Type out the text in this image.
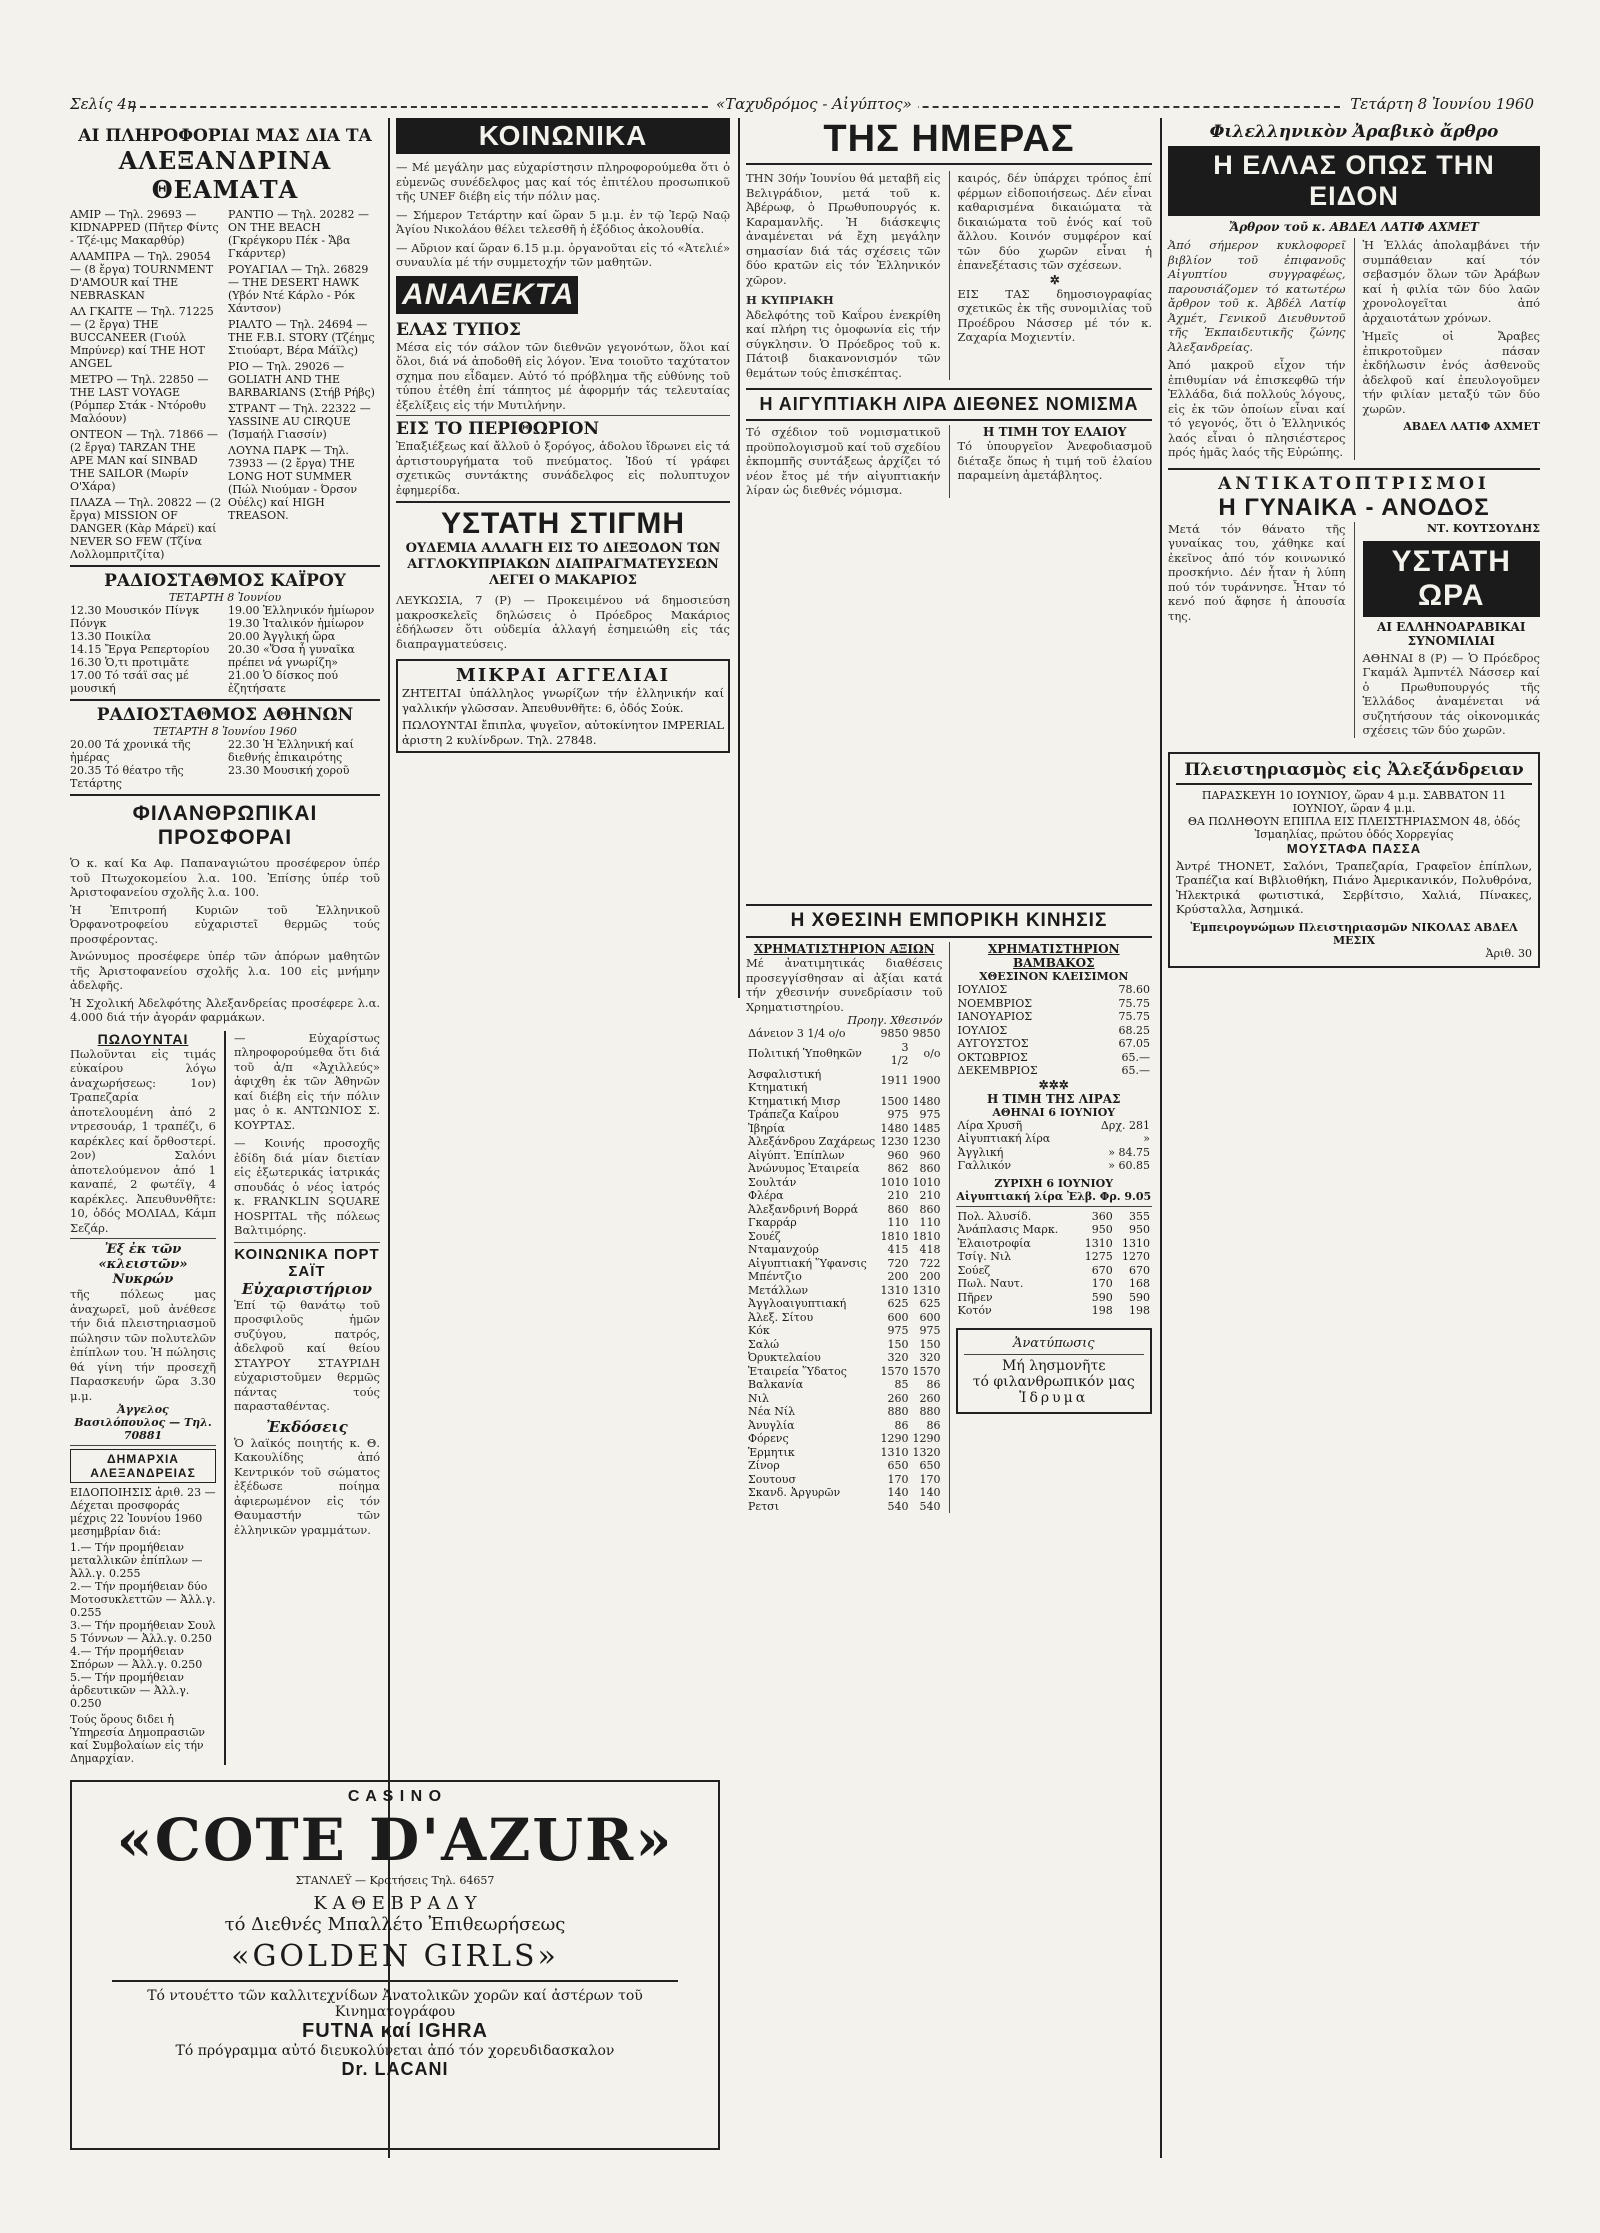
Σελίς 4η	«Ταχυδρόμος - Αἰγύπτος»	Τετάρτη 8 Ἰουνίου 1960
ΑΙ ΠΛΗΡΟΦΟΡΙΑΙ ΜΑΣ ΔΙΑ ΤΑ
ΑΛΕΞΑΝΔΡΙΝΑ ΘΕΑΜΑΤΑ
ΑΜΙΡ — Τηλ. 29693 — KIDNAPPED (Πῆτερ Φίντς - Τζέ-ιμς Μακαρθύρ)
ΑΛΑΜΠΡΑ — Τηλ. 29054 — (8 ἔργα) TOURNMENT D'AMOUR καί THE NEBRASKAN
ΑΛ ΓΚΑΙΤΕ — Τηλ. 71225 — (2 ἔργα) THE BUCCANEER (Γιούλ Μπρύνερ) καί THE HOT ANGEL
ΜΕΤΡΟ — Τηλ. 22850 — THE LAST VOYAGE (Ρόμπερ Στάκ - Ντόροθυ Μαλόουν)
ΟΝΤΕΟΝ — Τηλ. 71866 — (2 ἔργα) TARZAN THE APE MAN καί SINBAD THE SAILOR (Μωρίν Ο'Χάρα)
ΠΛΑΖΑ — Τηλ. 20822 — (2 ἔργα) MISSION OF DANGER (Κὰρ Μάρεϊ) καί NEVER SO FEW (Τζίνα Λολλομπριτζίτα)
ΡΑΝΤΙΟ — Τηλ. 20282 — ON THE BEACH (Γκρέγκορυ Πέκ - Ἄβα Γκάρντερ)
ΡΟΥΑΓΙΑΛ — Τηλ. 26829 — THE DESERT HAWK (Υβόν Ντέ Κάρλο - Ρόκ Χάντσον)
ΡΙΑΛΤΟ — Τηλ. 24694 — THE F.B.I. STORY (Τζέημς Στιούαρτ, Βέρα Μάϊλς)
ΡΙΟ — Τηλ. 29026 — GOLIATH AND THE BARBARIANS (Στήβ Ρήβς)
ΣΤΡΑΝΤ — Τηλ. 22322 — YASSINE AU CIRQUE (Ἰσμαήλ Γιασσίν)
ΛΟΥΝΑ ΠΑΡΚ — Τηλ. 73933 — (2 ἔργα) THE LONG HOT SUMMER (Πώλ Νιούμαν - Όρσον Οὐέλς) καί HIGH TREASON.
ΡΑΔΙΟΣΤΑΘΜΟΣ ΚΑΪΡΟΥ
ΤΕΤΑΡΤΗ 8 Ἰουνίου
12.30 Μουσικόν Πίνγκ Πόνγκ
13.30 Ποικίλα
14.15 Ἔργα Ρεπερτορίου
16.30 Ὁ,τι προτιμᾶτε
17.00 Τό τσάϊ σας μέ μουσική
19.00 Ἑλληνικόν ἡμίωρον
19.30 Ἰταλικόν ἡμίωρον
20.00 Ἀγγλική ὥρα
20.30 «Ὅσα ἦ γυναῖκα πρέπει νά γνωρίζη»
21.00 Ὁ δίσκος πού ἐζητήσατε
ΡΑΔΙΟΣΤΑΘΜΟΣ ΑΘΗΝΩΝ
ΤΕΤΑΡΤΗ 8 Ἰουνίου 1960
20.00 Τά χρονικά τῆς ἡμέρας
20.35 Τό θέατρο τῆς Τετάρτης
22.30 Ἡ Ἑλληνική καί διεθνής ἐπικαιρότης
23.30 Μουσική χοροῦ
ΦΙΛΑΝΘΡΩΠΙΚΑΙ ΠΡΟΣΦΟΡΑΙ
Ὁ κ. καί Κα Αφ. Παπαναγιώτου προσέφερον ὑπέρ τοῦ Πτωχοκομείου λ.α. 100. Ἐπίσης ὑπέρ τοῦ Ἀριστοφανείου σχολῆς λ.α. 100.
Ἡ Ἐπιτροπή Κυριῶν τοῦ Ἑλληνικοῦ Ὀρφανοτροφείου εὐχαριστεῖ θερμῶς τούς προσφέροντας.
Ἀνώνυμος προσέφερε ὑπέρ τῶν ἀπόρων μαθητῶν τῆς Ἀριστοφανείου σχολῆς λ.α. 100 εἰς μνήμην ἀδελφῆς.
Ἡ Σχολική Ἀδελφότης Ἀλεξανδρείας προσέφερε λ.α. 4.000 διά τήν ἀγοράν φαρμάκων.
ΠΩΛΟΥΝΤΑΙ
Πωλοῦνται εἰς τιμάς εὐκαίρου λόγω ἀναχωρήσεως: 1ον) Τραπεζαρία ἀποτελουμένη ἀπό 2 ντρεσουάρ, 1 τραπέζι, 6 καρέκλες καί ὄρθοστερί. 2ον) Σαλόνι ἀποτελούμενον ἀπό 1 καναπέ, 2 φωτέϊγ, 4 καρέκλες. Ἀπευθυνθῆτε: 10, ὁδός ΜΟΛΙΑΔ, Κάμπ Σεζάρ.
Ἐξ ἐκ τῶν «κλειστῶν» Νυκρών
τῆς πόλεως μας ἀναχωρεῖ, μοῦ ἀνέθεσε τήν διά πλειστηριασμοῦ πώλησιν τῶν πολυτελῶν ἐπίπλων του. Ἡ πώλησις θά γίνη τήν προσεχῆ Παρασκευήν ὥρα 3.30 μ.μ.
Ἀγγελος Βασιλόπουλος — Τηλ. 70881
ΔΗΜΑΡΧΙΑ ΑΛΕΞΑΝΔΡΕΙΑΣ
ΕΙΔΟΠΟΙΗΣΙΣ ἀριθ. 23 — Δέχεται προσφοράς μέχρις 22 Ἰουνίου 1960 μεσημβρίαν διά:
1.— Τήν προμήθειαν μεταλλικῶν ἐπίπλων — Ἀλλ.γ. 0.255
2.— Τήν προμήθειαν δύο Μοτοσυκλεττῶν — Ἀλλ.γ. 0.255
3.— Τήν προμήθειαν Σουλ 5 Τόννων — Ἀλλ.γ. 0.250
4.— Τήν προμήθειαν Σπόρων — Ἀλλ.γ. 0.250
5.— Τήν προμήθειαν ἀρδευτικῶν — Ἀλλ.γ. 0.250
Τούς ὅρους διδει ἡ Ὑπηρεσία Δημοπρασιῶν καί Συμβολαίων εἰς τήν Δημαρχίαν.
— Εὐχαρίστως πληροφορούμεθα ὅτι διά τοῦ ἀ/π «Ἀχιλλεύς» ἀφιχθη ἐκ τῶν Ἀθηνῶν καί διέβη εἰς τήν πόλιν μας ὁ κ. ΑΝΤΩΝΙΟΣ Σ. ΚΟΥΡΤΑΣ.
— Κοινής προσοχῆς ἐδίδη διά μίαν διετίαν εἰς ἐξωτερικάς ἰατρικάς σπουδάς ὁ νέος ἰατρός κ. FRANKLIN SQUARE HOSPITAL τῆς πόλεως Βαλτιμόρης.
ΚΟΙΝΩΝΙΚΑ ΠΟΡΤ ΣΑΪΤ
Εὐχαριστήριον
Ἐπί τῷ θανάτῳ τοῦ προσφιλοῦς ἡμῶν συζύγου, πατρός, ἀδελφοῦ καί θείου ΣΤΑΥΡΟΥ ΣΤΑΥΡΙΔΗ εὐχαριστοῦμεν θερμῶς πάντας τούς παρασταθέντας.
Ἐκδόσεις
Ὁ λαϊκός ποιητής κ. Θ. Κακουλίδης ἀπό Κεντρικόν τοῦ σώματος ἐξέδωσε ποίημα ἀφιερωμένον εἰς τόν Θαυμαστήν τῶν ἐλληνικῶν γραμμάτων.
C A S I N O
«COTE D'AZUR»
ΣΤΑΝΛΕΫ — Κρατήσεις Τηλ. 64657
Κ Α Θ Ε Β Ρ Α Δ Υ
τό Διεθνές Μπαλλέτο Ἐπιθεωρήσεως
«GOLDEN GIRLS»
Τό ντουέττο τῶν καλλιτεχνίδων Ἀνατολικῶν χορῶν καί ἀστέρων τοῦ Κινηματογράφου
FUTNA καί IGHRA
Τό πρόγραμμα αὐτό διευκολύνεται ἀπό τόν χορευδιδασκαλον
Dr. LACANI
ΚΟΙΝΩΝΙΚΑ
— Μέ μεγάλην μας εὐχαρίστησιν πληροφορούμεθα ὅτι ὁ εὐμενῶς συνέδελφος μας καί τός ἐπιτέλου προσωπικοῦ τῆς UNEF διέβη εἰς τήν πόλιν μας.
— Σήμερον Τετάρτην καί ὥραν 5 μ.μ. ἐν τῷ Ἱερῷ Ναῷ Ἁγίου Νικολάου θέλει τελεσθῆ ἡ ἐξόδιος ἀκολουθία.
— Αὔριον καί ὥραν 6.15 μ.μ. ὀργανοῦται εἰς τό «Ἀτελιέ» συναυλία μέ τήν συμμετοχήν τῶν μαθητῶν.
ΑΝΑΛΕΚΤΑ
ΕΛΑΣ ΤΥΠΟΣ
Μέσα εἰς τόν σάλον τῶν διεθνῶν γεγονότων, ὅλοι καί ὅλοι, διά νά ἀποδοθῆ εἰς λόγον. Ἐνα τοιοῦτο ταχύτατον σχημα που εἶδαμεν. Αὐτό τό πρόβλημα τῆς εὐθύνης τοῦ τύπου ἐτέθη ἐπί τάπητος μέ ἀφορμήν τάς τελευταίας ἐξελίξεις εἰς τήν Μυτιλήνην.
ΕΙΣ ΤΟ ΠΕΡΙΘΩΡΙΟΝ
Ἐπαξιέξεως καί ἄλλοῦ ὁ ξορόγος, ἀδολου ἴδρωνει εἰς τά ἀρτιστουργήματα τοῦ πνεύματος. Ἰδού τί γράφει σχετικῶς συντάκτης συνάδελφος εἰς πολυπτυχον ἐφημερίδα.
ΥΣΤΑΤΗ ΣΤΙΓΜΗ
ΟΥΔΕΜΙΑ ΑΛΛΑΓΗ ΕΙΣ ΤΟ ΔΙΕΞΟΔΟΝ ΤΩΝ ΑΓΓΛΟΚΥΠΡΙΑΚΩΝ ΔΙΑΠΡΑΓΜΑΤΕΥΣΕΩΝ ΛΕΓΕΙ Ο ΜΑΚΑΡΙΟΣ
ΛΕΥΚΩΣΙΑ, 7 (Ρ) — Προκειμένου νά δημοσιεύση μακροσκελεῖς δηλώσεις ὁ Πρόεδρος Μακάριος ἐδήλωσεν ὅτι οὐδεμία ἀλλαγή ἐσημειώθη εἰς τάς διαπραγματεύσεις.
ΜΙΚΡΑΙ ΑΓΓΕΛΙΑΙ
ΖΗΤΕΙΤΑΙ ὑπάλληλος γνωρίζων τήν ἑλληνικήν καί γαλλικήν γλῶσσαν. Ἀπευθυνθῆτε: 6, ὁδός Σούκ.
ΠΩΛΟΥΝΤΑΙ ἔπιπλα, ψυγεῖον, αὐτοκίνητον IMPERIAL ἀριστη 2 κυλίνδρων. Τηλ. 27848.
ΤΗΣ ΗΜΕΡΑΣ
ΤΗΝ 30ήν Ἰουνίου θά μεταβῆ εἰς Βελιγράδιον, μετά τοῦ κ. Ἀβέρωφ, ὁ Πρωθυπουργός κ. Καραμανλῆς. Ἡ διάσκεψις ἀναμένεται νά ἔχη μεγάλην σημασίαν διά τάς σχέσεις τῶν δύο κρατῶν εἰς τόν Ἑλληνικόν χῶρον.
Η ΚΥΠΡΙΑΚΗ
Ἀδελφότης τοῦ Καΐρου ἐνεκρίθη καί πλήρη τις ὁμοφωνία εἰς τήν σύγκλησιν. Ὁ Πρόεδρος τοῦ κ. Πάτοιβ διακανονισμόν τῶν θεμάτων τούς ἐπισκέπτας.
καιρός, δέν ὑπάρχει τρόπος ἐπί φέρμων εἰδοποιήσεως. Δέν εἶναι καθαρισμένα δικαιώματα τὰ δικαιώματα τοῦ ἑνός καί τοῦ ἄλλου. Κοινόν συμφέρον καί τῶν δύο χωρῶν εἶναι ἡ ἐπανεξέτασις τῶν σχέσεων.
✲
ΕΙΣ ΤΑΣ δημοσιογραφίας σχετικῶς ἐκ τῆς συνομιλίας τοῦ Προέδρου Νάσσερ μέ τόν κ. Ζαχαρία Μοχιεντίν.
Η ΑΙΓΥΠΤΙΑΚΗ ΛΙΡΑ ΔΙΕΘΝΕΣ ΝΟΜΙΣΜΑ
Τό σχέδιον τοῦ νομισματικοῦ προϋπολογισμοῦ καί τοῦ σχεδίου ἐκπομπῆς συντάξεως ἀρχίζει τό νέον ἔτος μέ τήν αἰγυπτιακήν λίραν ὡς διεθνές νόμισμα.
Η ΤΙΜΗ ΤΟΥ ΕΛΑΙΟΥ
Τό ὑπουργεῖον Ἀνεφοδιασμοῦ διέταξε ὅπως ἡ τιμή τοῦ ἐλαίου παραμείνη ἀμετάβλητος.
Η ΧΘΕΣΙΝΗ ΕΜΠΟΡΙΚΗ ΚΙΝΗΣΙΣ
ΧΡΗΜΑΤΙΣΤΗΡΙΟΝ ΑΞΙΩΝ
Μέ ἀνατιμητικάς διαθέσεις προσεγγίσθησαν αἱ ἀξίαι κατά τήν χθεσινήν συνεδρίασιν τοῦ Χρηματιστηρίου.
Προηγ. Χθεσινόν
Δάνειον 3 1/4 ο/ο	9850	9850
Πολιτική Ὑποθηκῶν	3 1/2	ο/ο
Ἀσφαλιστική Κτηματική	1911	1900
Κτηματική Μισρ	1500	1480
Τράπεζα Καΐρου	975	975
Ἰβηρία	1480	1485
Ἀλεξάνδρου Ζαχάρεως	1230	1230
Αἰγύπτ. Ἐπίπλων	960	960
Ἀνώνυμος Ἐταιρεία	862	860
Σουλτάν	1010	1010
Φλέρα	210	210
Ἀλεξανδρινή Βορρά	860	860
Γκαρράρ	110	110
Σουέζ	1810	1810
Νταμανχούρ	415	418
Αἰγυπτιακή Ὕφανσις	720	722
Μπέντζιο	200	200
Μετάλλων	1310	1310
Ἀγγλοαιγυπτιακή	625	625
Ἀλεξ. Σίτου	600	600
Κόκ	975	975
Σαλώ	150	150
Ὀρυκτελαίου	320	320
Ἑταιρεία Ὕδατος	1570	1570
Βαλκανία	85	86
Νιλ	260	260
Νέα Νίλ	880	880
Ἀνυγλία	86	86
Φόρενς	1290	1290
Ἑρμητικ	1310	1320
Ζίνορ	650	650
Σουτουσ	170	170
Σκανδ. Ἀργυρῶν	140	140
Ρετσι	540	540
ΧΡΗΜΑΤΙΣΤΗΡΙΟΝ ΒΑΜΒΑΚΟΣ
ΧΘΕΣΙΝΟΝ ΚΛΕΙΣΙΜΟΝ
ΙΟΥΛΙΟΣ	78.60
ΝΟΕΜΒΡΙΟΣ	75.75
ΙΑΝΟΥΑΡΙΟΣ	75.75
ΙΟΥΛΙΟΣ	68.25
ΑΥΓΟΥΣΤΟΣ	67.05
ΟΚΤΩΒΡΙΟΣ	65.—
ΔΕΚΕΜΒΡΙΟΣ	65.—
✲✲✲
Η ΤΙΜΗ ΤΗΣ ΛΙΡΑΣ
ΑΘΗΝΑΙ 6 ΙΟΥΝΙΟΥ
Λίρα Χρυσῆ	Δρχ. 281
Αἰγυπτιακή λίρα	»
Ἀγγλική	» 84.75
Γαλλικόν	» 60.85
ΖΥΡΙΧΗ 6 ΙΟΥΝΙΟΥ
Αἰγυπτιακή λίρα Ἐλβ. Φρ. 9.05
Πολ. Ἀλυσίδ.	360	355
Ἀνάπλασις Μαρκ.	950	950
Ἐλαιοτροφία	1310	1310
Τσίγ. Νιλ	1275	1270
Σούεζ	670	670
Πωλ. Ναυτ.	170	168
Πῆρεν	590	590
Κοτόν	198	198
Ἀνατύπωσις
Μή λησμονῆτε
τό φιλανθρωπικόν μας
Ἱδρυμα
Φιλελληνικὸν Ἀραβικὸ ἄρθρο
Η ΕΛΛΑΣ ΟΠΩΣ ΤΗΝ ΕΙΔΟΝ
Ἄρθρον τοῦ κ. ΑΒΔΕΛ ΛΑΤΙΦ ΑΧΜΕΤ
Ἀπό σήμερον κυκλοφορεῖ βιβλίον τοῦ ἐπιφανοῦς Αἰγυπτίου συγγραφέως, παρουσιάζομεν τό κατωτέρω ἄρθρον τοῦ κ. Ἀβδέλ Λατίφ Ἀχμέτ, Γενικοῦ Διευθυντοῦ τῆς Ἐκπαιδευτικῆς ζώνης Ἀλεξανδρείας.
Ἀπό μακροῦ εἶχον τήν ἐπιθυμίαν νά ἐπισκεφθῶ τήν Ἑλλάδα, διά πολλούς λόγους, εἰς ἐκ τῶν ὁποίων εἶναι καί τό γεγονός, ὅτι ὁ Ἑλληνικός λαός εἶναι ὁ πλησιέστερος πρός ἡμᾶς λαός τῆς Εὐρώπης.
Ἡ Ἑλλάς ἀπολαμβάνει τήν συμπάθειαν καί τόν σεβασμόν ὅλων τῶν Ἀράβων καί ἡ φιλία τῶν δύο λαῶν χρονολογεῖται ἀπό ἀρχαιοτάτων χρόνων.
Ἡμεῖς οἱ Ἄραβες ἐπικροτοῦμεν πάσαν ἐκδήλωσιν ἑνός ἀσθενοῦς ἀδελφοῦ καί ἐπευλογοῦμεν τήν φιλίαν μεταξύ τῶν δύο χωρῶν.
ΑΒΔΕΛ ΛΑΤΙΦ ΑΧΜΕΤ
ΑΝΤΙΚΑΤΟΠΤΡΙΣΜΟΙ
Η ΓΥΝΑΙΚΑ - ΑΝΟΔΟΣ
Μετά τόν θάνατο τῆς γυναίκας του, χάθηκε καί ἐκεῖνος ἀπό τόν κοινωνικό προσκήνιο. Δέν ἦταν ἡ λύπη πού τόν τυράννησε. Ἦταν τό κενό πού ἄφησε ἡ ἀπουσία της.
ΝΤ. ΚΟΥΤΣΟΥΔΗΣ
ΥΣΤΑΤΗ ΩΡΑ
ΑΙ ΕΛΛΗΝΟΑΡΑΒΙΚΑΙ ΣΥΝΟΜΙΛΙΑΙ
ΑΘΗΝΑΙ 8 (Ρ) — Ὁ Πρόεδρος Γκαμάλ Ἀμπντέλ Νάσσερ καί ὁ Πρωθυπουργός τῆς Ἑλλάδος ἀναμένεται νά συζητήσουν τάς οἰκονομικάς σχέσεις τῶν δύο χωρῶν.
Πλειστηριασμὸς εἰς Ἀλεξάνδρειαν
ΠΑΡΑΣΚΕΥΗ 10 ΙΟΥΝΙΟΥ, ὥραν 4 μ.μ. ΣΑΒΒΑΤΟΝ 11 ΙΟΥΝΙΟΥ, ὥραν 4 μ.μ.
ΘΑ ΠΩΛΗΘΟΥΝ ΕΠΙΠΛΑ ΕΙΣ ΠΛΕΙΣΤΗΡΙΑΣΜΟΝ 48, ὁδός Ἰσμαηλίας, πρώτου ὁδός Χορρεγίας
ΜΟΥΣΤΑΦΑ ΠΑΣΣΑ
Ἀντρέ ΤΗΟΝΕΤ, Σαλόνι, Τραπεζαρία, Γραφεῖον ἐπίπλων, Τραπέζια καί Βιβλιοθήκη, Πιάνο Ἀμερικανικόν, Πολυθρόνα, Ἠλεκτρικά φωτιστικά, Σερβίτσιο, Χαλιά, Πίνακες, Κρύσταλλα, Ἀσημικά.
Ἐμπειρογνώμων Πλειστηριασμῶν ΝΙΚΟΛΑΣ ΑΒΔΕΛ ΜΕΣΙΧ
Ἀριθ. 30
